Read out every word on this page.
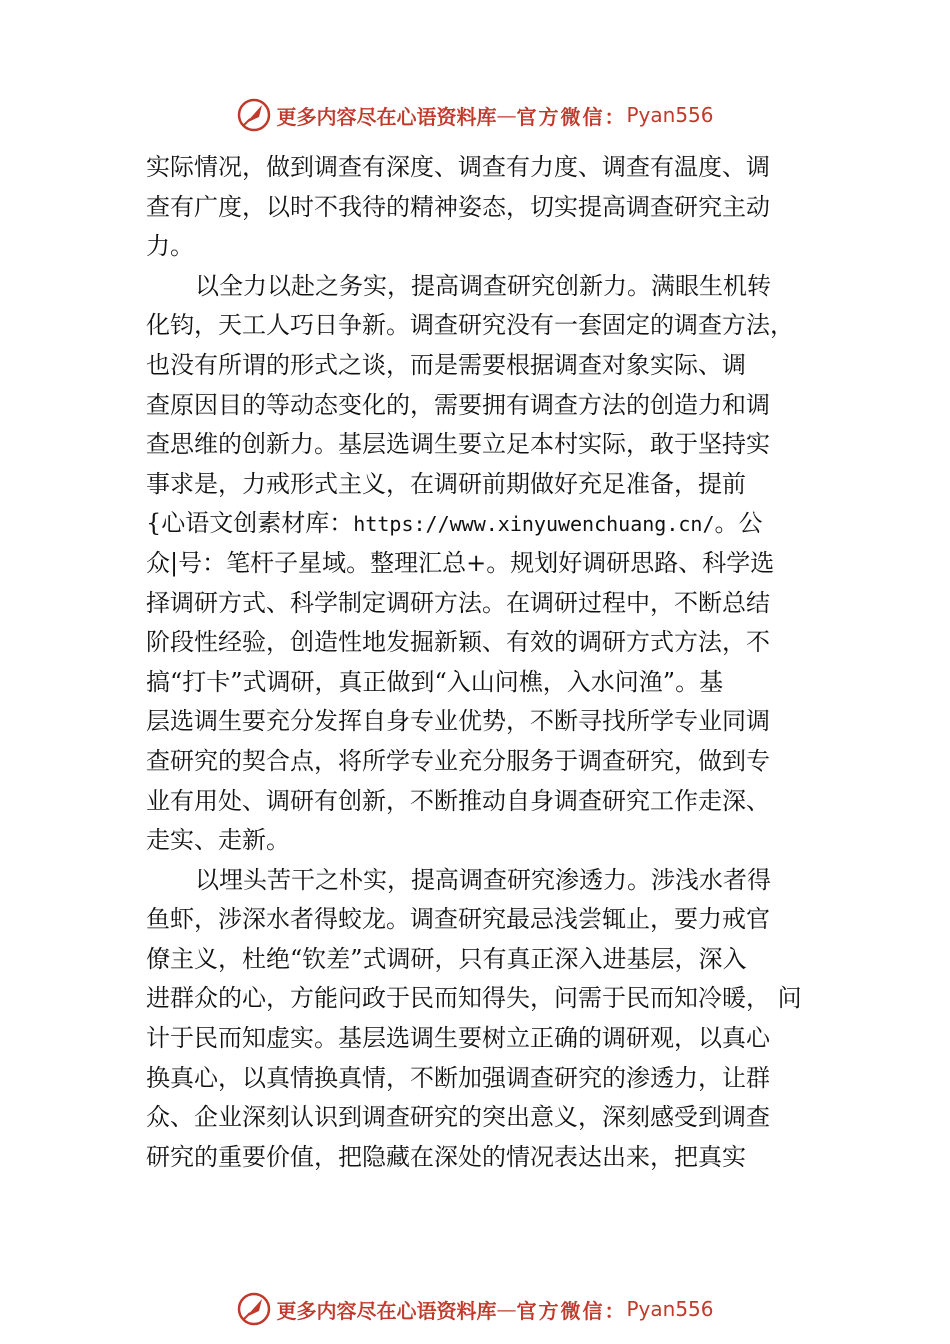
更多内容尽在心语资料库 — 官方微信： Pyan556
实际情况，做到调查有深度、调查有力度、调查有温度、调
查有广度，以时不我待的精神姿态，切实提高调查研究主动
力。
以全力以赴之务实，提高调查研究创新力。满眼生机转
化钧，天工人巧日争新。调查研究没有一套固定的调查方法，
也没有所谓的形式之谈，而是需要根据调查对象实际、调
查原因目的等动态变化的，需要拥有调查方法的创造力和调
查思维的创新力。基层选调生要立足本村实际，敢于坚持实
事求是，力戒形式主义，在调研前期做好充足准备，提前
{心语文创素材库：https://www.xinyuwenchuang.cn/。公
众|号：笔杆子星域。整理汇总+。规划好调研思路、科学选
择调研方式、科学制定调研方法。在调研过程中，不断总结
阶段性经验，创造性地发掘新颖、有效的调研方式方法，不
搞“打卡”式调研，真正做到“入山问樵，入水问渔”。基
层选调生要充分发挥自身专业优势，不断寻找所学专业同调
查研究的契合点，将所学专业充分服务于调查研究，做到专
业有用处、调研有创新，不断推动自身调查研究工作走深、
走实、走新。
以埋头苦干之朴实，提高调查研究渗透力。涉浅水者得
鱼虾，涉深水者得蛟龙。调查研究最忌浅尝辄止，要力戒官
僚主义，杜绝“钦差”式调研，只有真正深入进基层，深入
进群众的心，方能问政于民而知得失，问需于民而知冷暖， 问
计于民而知虚实。基层选调生要树立正确的调研观，以真心
换真心，以真情换真情，不断加强调查研究的渗透力，让群
众、企业深刻认识到调查研究的突出意义，深刻感受到调查
研究的重要价值，把隐藏在深处的情况表达出来，把真实
更多内容尽在心语资料库 — 官方微信： Pyan556
